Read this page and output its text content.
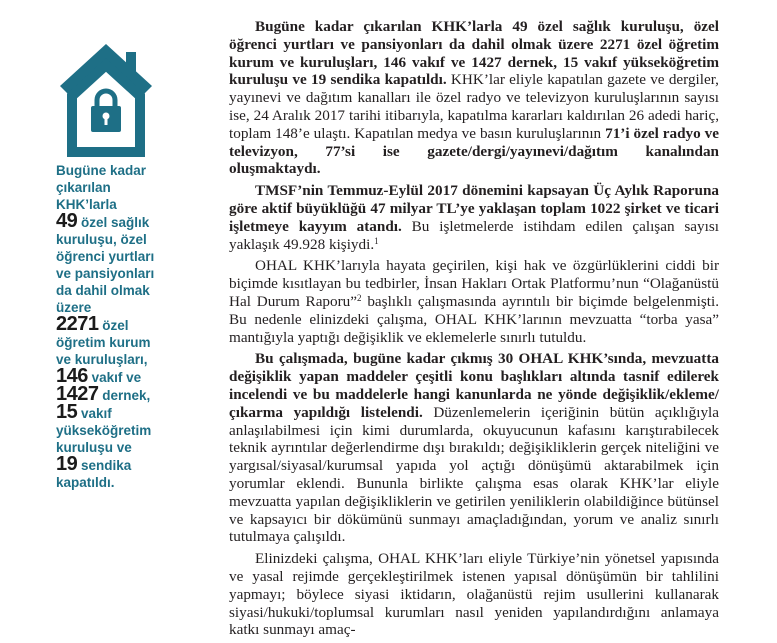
Bugüne kadar
çıkarılan
KHK’larla
49 özel sağlık
kuruluşu, özel
öğrenci yurtları
ve pansiyonları
da dahil olmak
üzere
2271 özel
öğretim kurum
ve kuruluşları,
146 vakıf ve
1427 dernek,
15 vakıf
yükseköğretim
kuruluşu ve
19 sendika
kapatıldı.

Bugüne kadar çıkarılan KHK’larla 49 özel sağlık kuruluşu, özel öğrenci yurtları ve pansiyonları da dahil olmak üzere 2271 özel öğretim kurum ve kuruluşları, 146 vakıf ve 1427 dernek, 15 vakıf yükseköğretim kuruluşu ve 19 sendika kapatıldı. KHK’lar eliyle kapatılan gazete ve dergiler, yayınevi ve dağıtım kanalları ile özel radyo ve televizyon kuruluşlarının sayısı ise, 24 Aralık 2017 tarihi itibarıyla, kapatılma kararları kaldırılan 26 adedi hariç, toplam 148’e ulaştı. Kapatılan medya ve basın kuruluşlarının 71’i özel radyo ve televizyon, 77’si ise gazete/dergi/yayınevi/dağıtım kanalından oluşmaktaydı.

TMSF’nin Temmuz-Eylül 2017 dönemini kapsayan Üç Aylık Raporuna göre aktif büyüklüğü 47 milyar TL’ye yaklaşan toplam 1022 şirket ve ticari işletmeye kayyım atandı. Bu işletmelerde istihdam edilen çalışan sayısı yaklaşık 49.928 kişiydi.$^1$

OHAL KHK’larıyla hayata geçirilen, kişi hak ve özgürlüklerini ciddi bir biçimde kısıtlayan bu tedbirler, İnsan Hakları Ortak Platformu’nun “Olağanüstü Hal Durum Raporu”$^2$ başlıklı çalışmasında ayrıntılı bir biçimde belgelenmişti. Bu nedenle elinizdeki çalışma, OHAL KHK’larının mevzuatta “torba yasa” mantığıyla yaptığı değişiklik ve eklemelerle sınırlı tutuldu.

Bu çalışmada, bugüne kadar çıkmış 30 OHAL KHK’sında, mevzuatta değişiklik yapan maddeler çeşitli konu başlıkları altında tasnif edilerek incelendi ve bu maddelerle hangi kanunlarda ne yönde değişiklik/ekleme/çıkarma yapıldığı listelendi. Düzenlemelerin içeriğinin bütün açıklığıyla anlaşılabilmesi için kimi durumlarda, okuyucunun kafasını karıştırabilecek teknik ayrıntılar değerlendirme dışı bırakıldı; değişikliklerin gerçek niteliğini ve yargısal/siyasal/kurumsal yapıda yol açtığı dönüşümü aktarabilmek için yorumlar eklendi. Bununla birlikte çalışma esas olarak KHK’lar eliyle mevzuatta yapılan değişikliklerin ve getirilen yeniliklerin olabildiğince bütünsel ve kapsayıcı bir dökümünü sunmayı amaçladığından, yorum ve analiz sınırlı tutulmaya çalışıldı.

Elinizdeki çalışma, OHAL KHK’ları eliyle Türkiye’nin yönetsel yapısında ve yasal rejimde gerçekleştirilmek istenen yapısal dönüşümün bir tahlilini yapmayı; böylece siyasi iktidarın, olağanüstü rejim usullerini kullanarak siyasi/hukuki/toplumsal kurumları nasıl yeniden yapılandırdığını anlamaya katkı sunmayı amaç-
